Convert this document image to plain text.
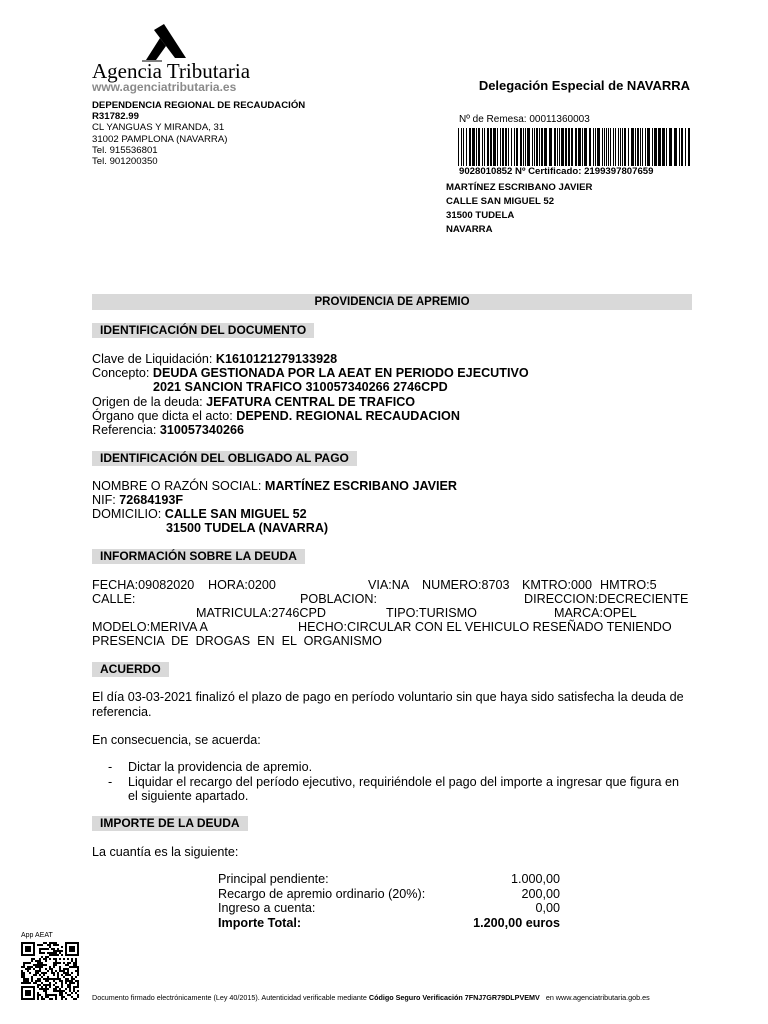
Agencia Tributaria
www.agenciatributaria.es	Delegación Especial de NAVARRA
DEPENDENCIA REGIONAL DE RECAUDACIÓN
R31782.99
CL YANGUAS Y MIRANDA, 31
31002 PAMPLONA (NAVARRA)
Tel. 915536801
Tel. 901200350
Nº de Remesa: 00011360003
9028010852 Nº Certificado: 2199397807659
MARTÍNEZ ESCRIBANO JAVIER
CALLE SAN MIGUEL 52
31500 TUDELA
NAVARRA
PROVIDENCIA DE APREMIO
IDENTIFICACIÓN DEL DOCUMENTO
Clave de Liquidación: K1610121279133928
Concepto: DEUDA GESTIONADA POR LA AEAT EN PERIODO EJECUTIVO
2021 SANCION TRAFICO 310057340266 2746CPD
Origen de la deuda: JEFATURA CENTRAL DE TRAFICO
Órgano que dicta el acto: DEPEND. REGIONAL RECAUDACION
Referencia: 310057340266
IDENTIFICACIÓN DEL OBLIGADO AL PAGO
NOMBRE O RAZÓN SOCIAL: MARTÍNEZ ESCRIBANO JAVIER
NIF: 72684193F
DOMICILIO: CALLE SAN MIGUEL 52
31500 TUDELA (NAVARRA)
INFORMACIÓN SOBRE LA DEUDA
FECHA:09082020 HORA:0200	VIA:NA NUMERO:8703 KMTRO:000 HMTRO:5
CALLE:	POBLACION:	DIRECCION:DECRECIENTE
MATRICULA:2746CPD	TIPO:TURISMO	MARCA:OPEL
MODELO:MERIVA A	HECHO:CIRCULAR CON EL VEHICULO RESEÑADO TENIENDO
PRESENCIA  DE  DROGAS  EN  EL  ORGANISMO
ACUERDO
El día 03-03-2021 finalizó el plazo de pago en período voluntario sin que haya sido satisfecha la deuda de referencia.
En consecuencia, se acuerda:
- Dictar la providencia de apremio.
- Liquidar el recargo del período ejecutivo, requiriéndole el pago del importe a ingresar que figura en el siguiente apartado.
IMPORTE DE LA DEUDA
La cuantía es la siguiente:
Principal pendiente:	1.000,00
Recargo de apremio ordinario (20%):	200,00
Ingreso a cuenta:	0,00
Importe Total:	1.200,00 euros
App AEAT
Documento firmado electrónicamente (Ley 40/2015). Autenticidad verificable mediante Código Seguro Verificación 7FNJ7GR79DLPVEMV   en www.agenciatributaria.gob.es
